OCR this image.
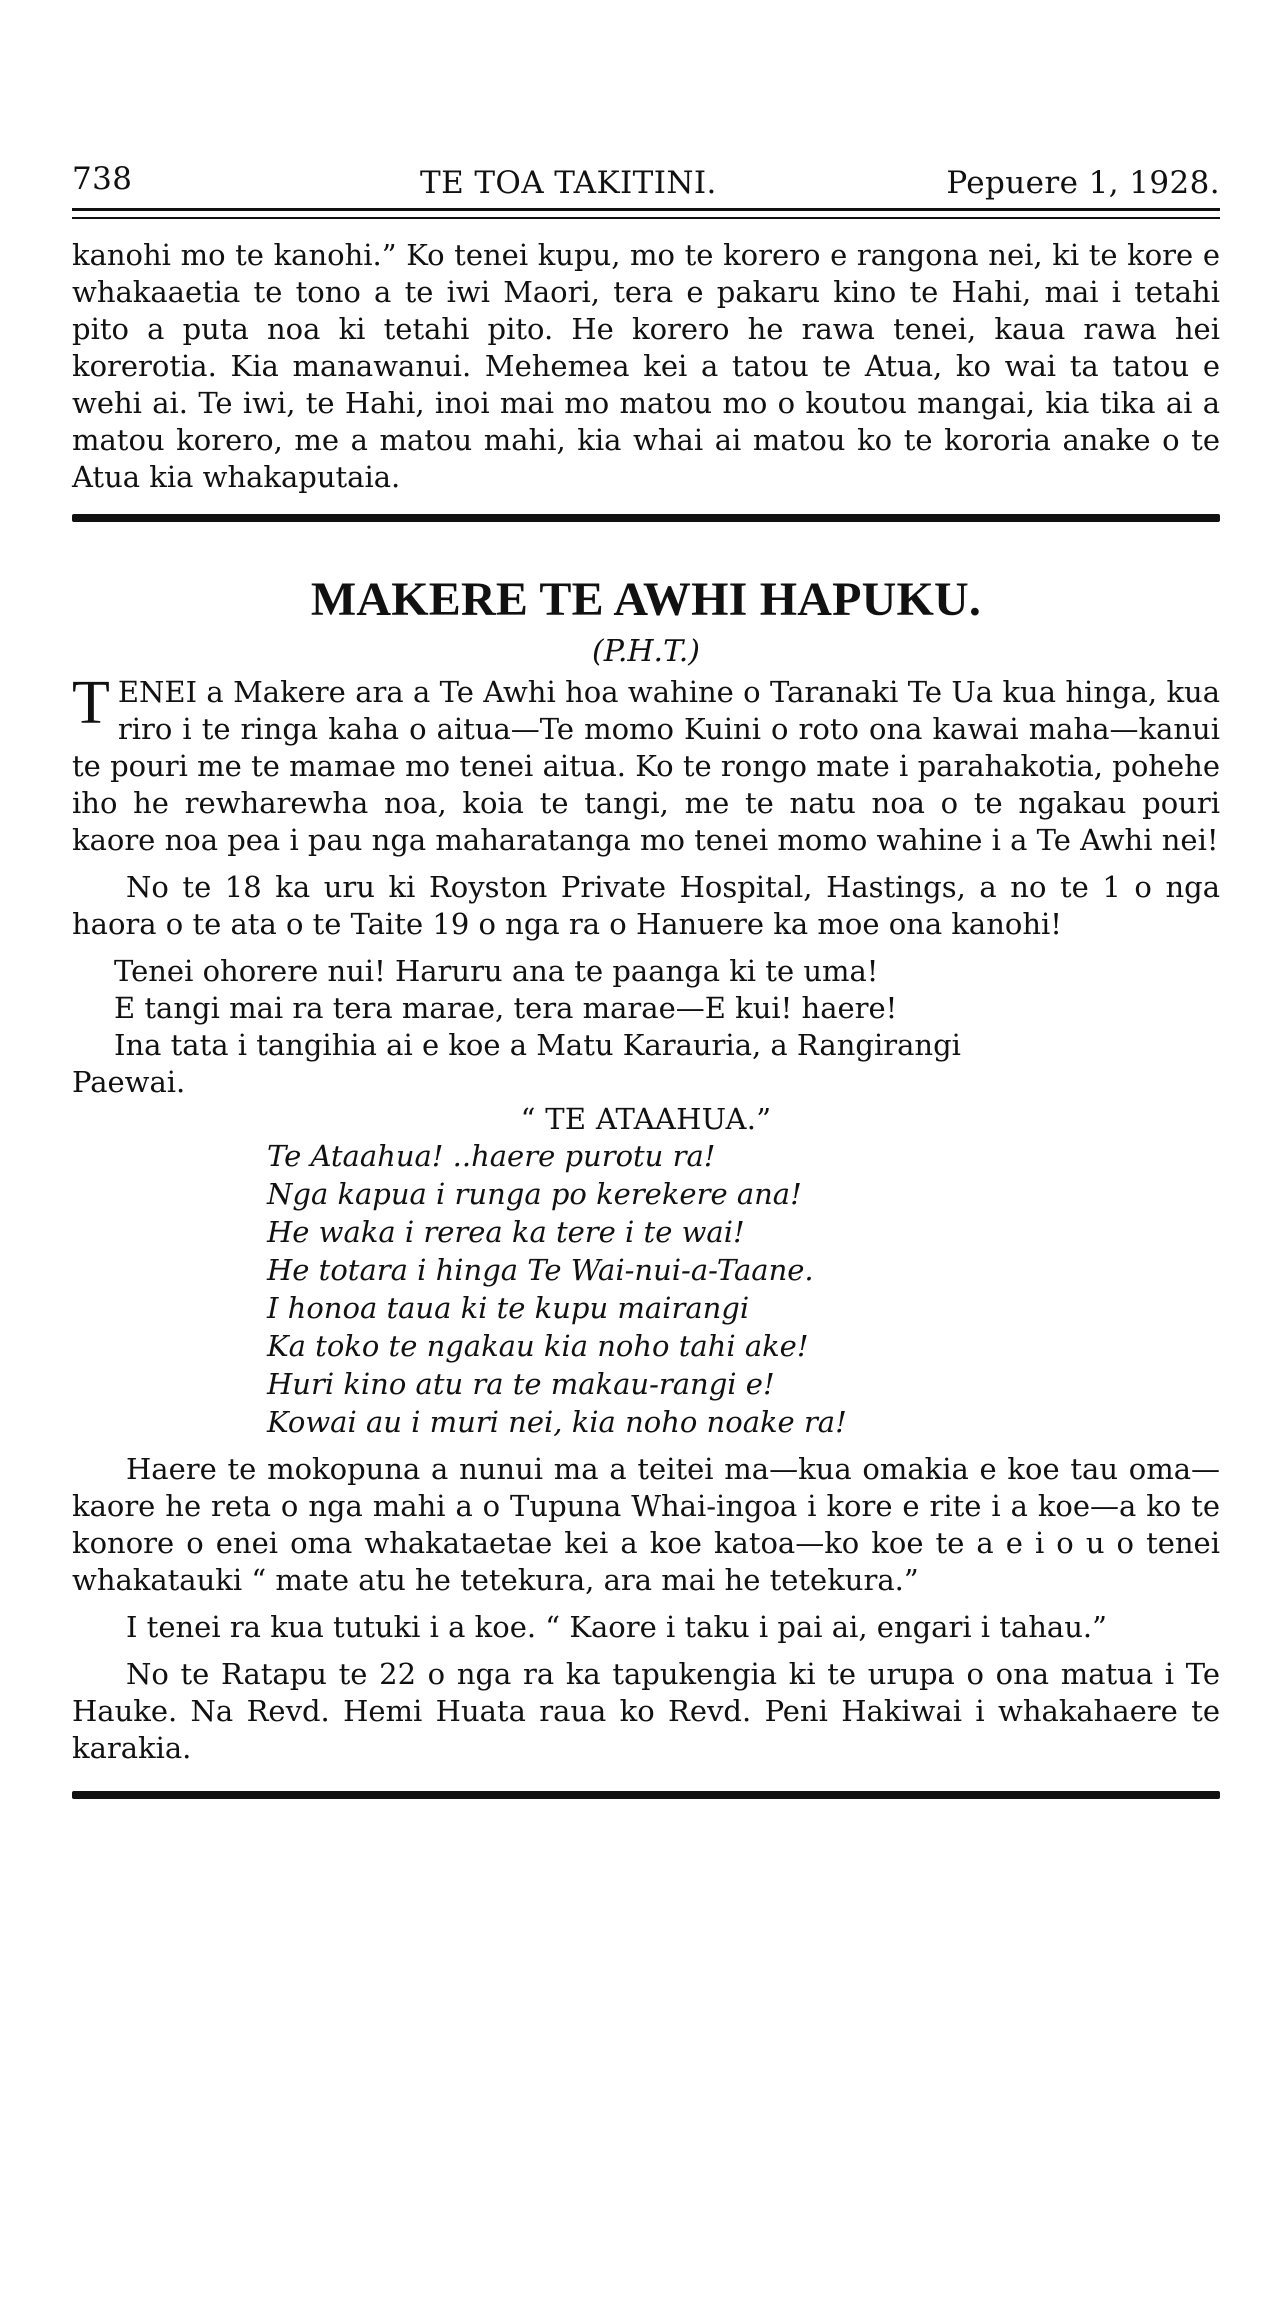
738	TE TOA TAKITINI.	Pepuere 1, 1928.

kanohi mo te kanohi.” Ko tenei kupu, mo te korero e rangona nei, ki te kore e whakaaetia te tono a te iwi Maori, tera e pakaru kino te Hahi, mai i tetahi pito a puta noa ki tetahi pito. He korero he rawa tenei, kaua rawa hei korerotia. Kia manawanui. Mehemea kei a tatou te Atua, ko wai ta tatou e wehi ai. Te iwi, te Hahi, inoi mai mo matou mo o koutou mangai, kia tika ai a matou korero, me a matou mahi, kia whai ai matou ko te kororia anake o te Atua kia whakaputaia.

MAKERE TE AWHI HAPUKU.

(P.H.T.)

T ENEI a Makere ara a Te Awhi hoa wahine o Taranaki Te Ua kua hinga, kua riro i te ringa kaha o aitua—Te momo Kuini o roto ona kawai maha—kanui te pouri me te mamae mo tenei aitua. Ko te rongo mate i parahakotia, pohehe iho he rewharewha noa, koia te tangi, me te natu noa o te ngakau pouri kaore noa pea i pau nga maharatanga mo tenei momo wahine i a Te Awhi nei!

No te 18 ka uru ki Royston Private Hospital, Hastings, a no te 1 o nga haora o te ata o te Taite 19 o nga ra o Hanuere ka moe ona kanohi!

Tenei ohorere nui! Haruru ana te paanga ki te uma!

E tangi mai ra tera marae, tera marae—E kui! haere!

Ina tata i tangihia ai e koe a Matu Karauria, a Rangirangi

Paewai.

“ TE ATAAHUA.”

Te Ataahua! ..haere purotu ra!

Nga kapua i runga po kerekere ana!

He waka i rerea ka tere i te wai!

He totara i hinga Te Wai-nui-a-Taane.

I honoa taua ki te kupu mairangi

Ka toko te ngakau kia noho tahi ake!

Huri kino atu ra te makau-rangi e!

Kowai au i muri nei, kia noho noake ra!

Haere te mokopuna a nunui ma a teitei ma—kua omakia e koe tau oma—kaore he reta o nga mahi a o Tupuna Whai-ingoa i kore e rite i a koe—a ko te konore o enei oma whakataetae kei a koe katoa—ko koe te a e i o u o tenei whakatauki “ mate atu he tetekura, ara mai he tetekura.”

I tenei ra kua tutuki i a koe. “ Kaore i taku i pai ai, engari i tahau.”

No te Ratapu te 22 o nga ra ka tapukengia ki te urupa o ona matua i Te Hauke. Na Revd. Hemi Huata raua ko Revd. Peni Hakiwai i whakahaere te karakia.
